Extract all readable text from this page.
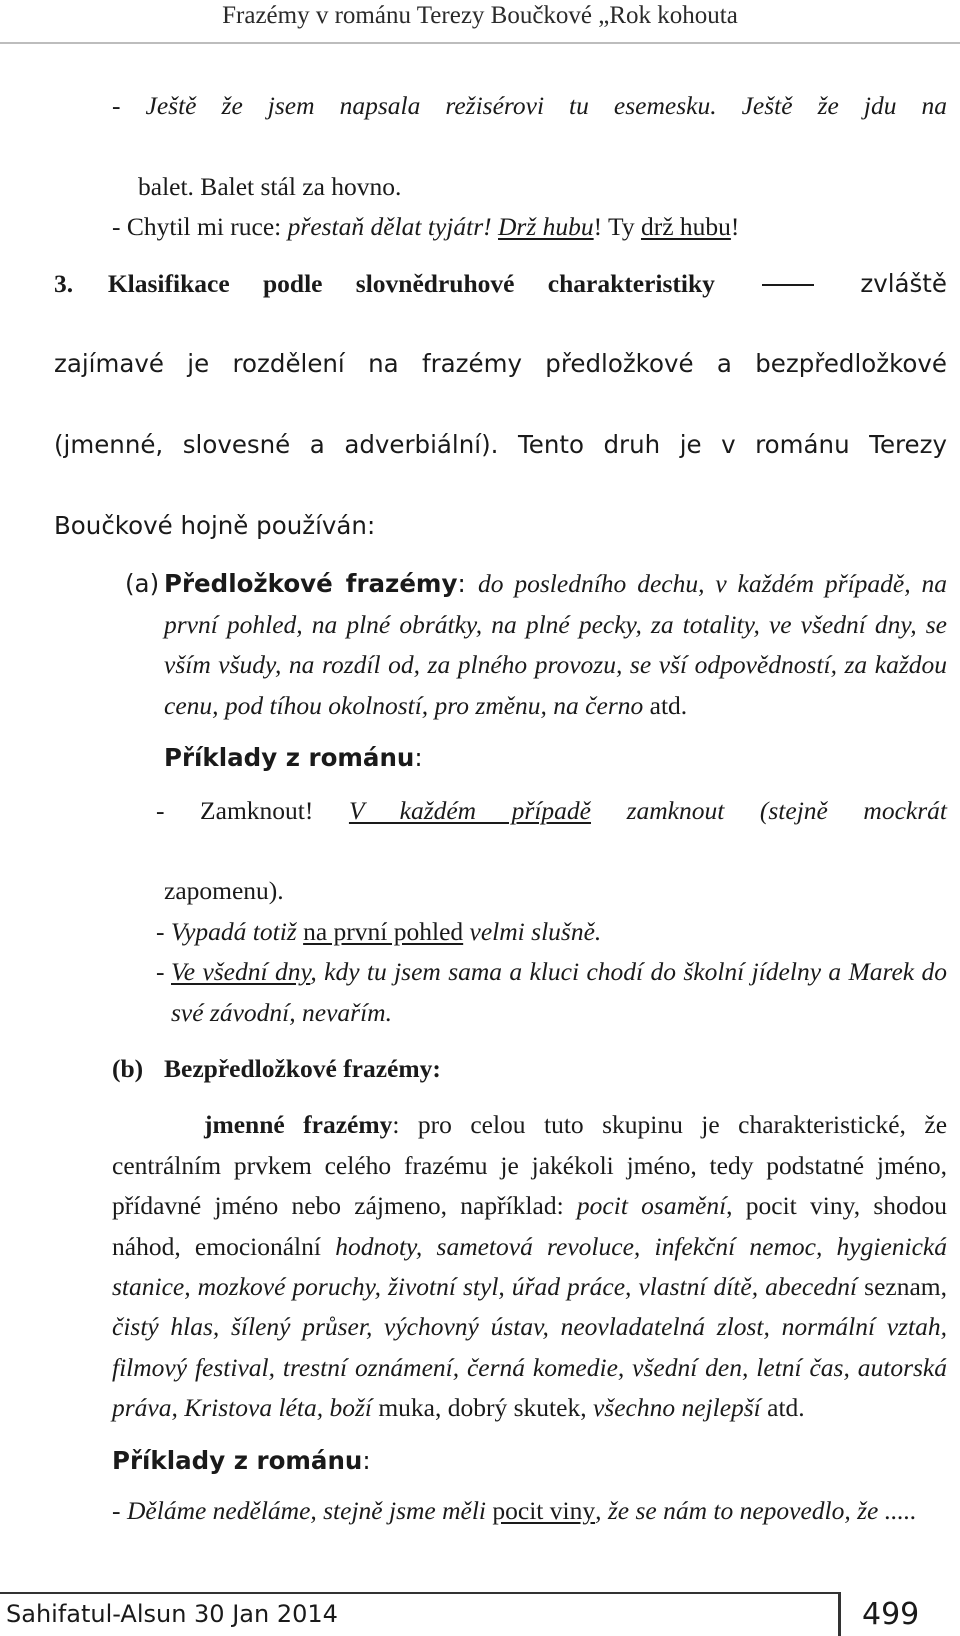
Frazémy v románu Terezy Boučkové „Rok kohouta
- Ještě že jsem napsala režisérovi tu esemesku. Ještě že jdu na
balet. Balet stál za hovno.
- Chytil mi ruce: přestaň dělat tyjátr! Drž hubu! Ty drž hubu!
3. Klasifikace podle slovnědruhové charakteristiky	zvláště
zajímavé je rozdělení na frazémy předložkové a bezpředložkové
(jmenné, slovesné a adverbiální). Tento druh je v románu Terezy
Boučkové hojně používán:
(a) Předložkové frazémy: do posledního dechu, v každém případě, na první pohled, na plné obrátky, na plné pecky, za totality, ve všední dny, se vším všudy, na rozdíl od, za plného provozu, se vší odpovědností, za každou cenu, pod tíhou okolností, pro změnu, na černo atd.
Příklady z románu:
- Zamknout! V každém případě zamknout (stejně mockrát
zapomenu).
- Vypadá totiž na první pohled velmi slušně.
- Ve všední dny, kdy tu jsem sama a kluci chodí do školní jídelny a Marek do své závodní, nevařím.
(b) Bezpředložkové frazémy:
jmenné frazémy: pro celou tuto skupinu je charakteristické, že centrálním prvkem celého frazému je jakékoli jméno, tedy podstatné jméno, přídavné jméno nebo zájmeno, například: pocit osamění, pocit viny, shodou náhod, emocionální hodnoty, sametová revoluce, infekční nemoc, hygienická stanice, mozkové poruchy, životní styl, úřad práce, vlastní dítě, abecední seznam, čistý hlas, šílený průser, výchovný ústav, neovladatelná zlost, normální vztah, filmový festival, trestní oznámení, černá komedie, všední den, letní čas, autorská práva, Kristova léta, boží muka, dobrý skutek, všechno nejlepší atd.
Příklady z románu:
- Děláme neděláme, stejně jsme měli pocit viny, že se nám to nepovedlo, že .....
Sahifatul-Alsun 30 Jan 2014	499
